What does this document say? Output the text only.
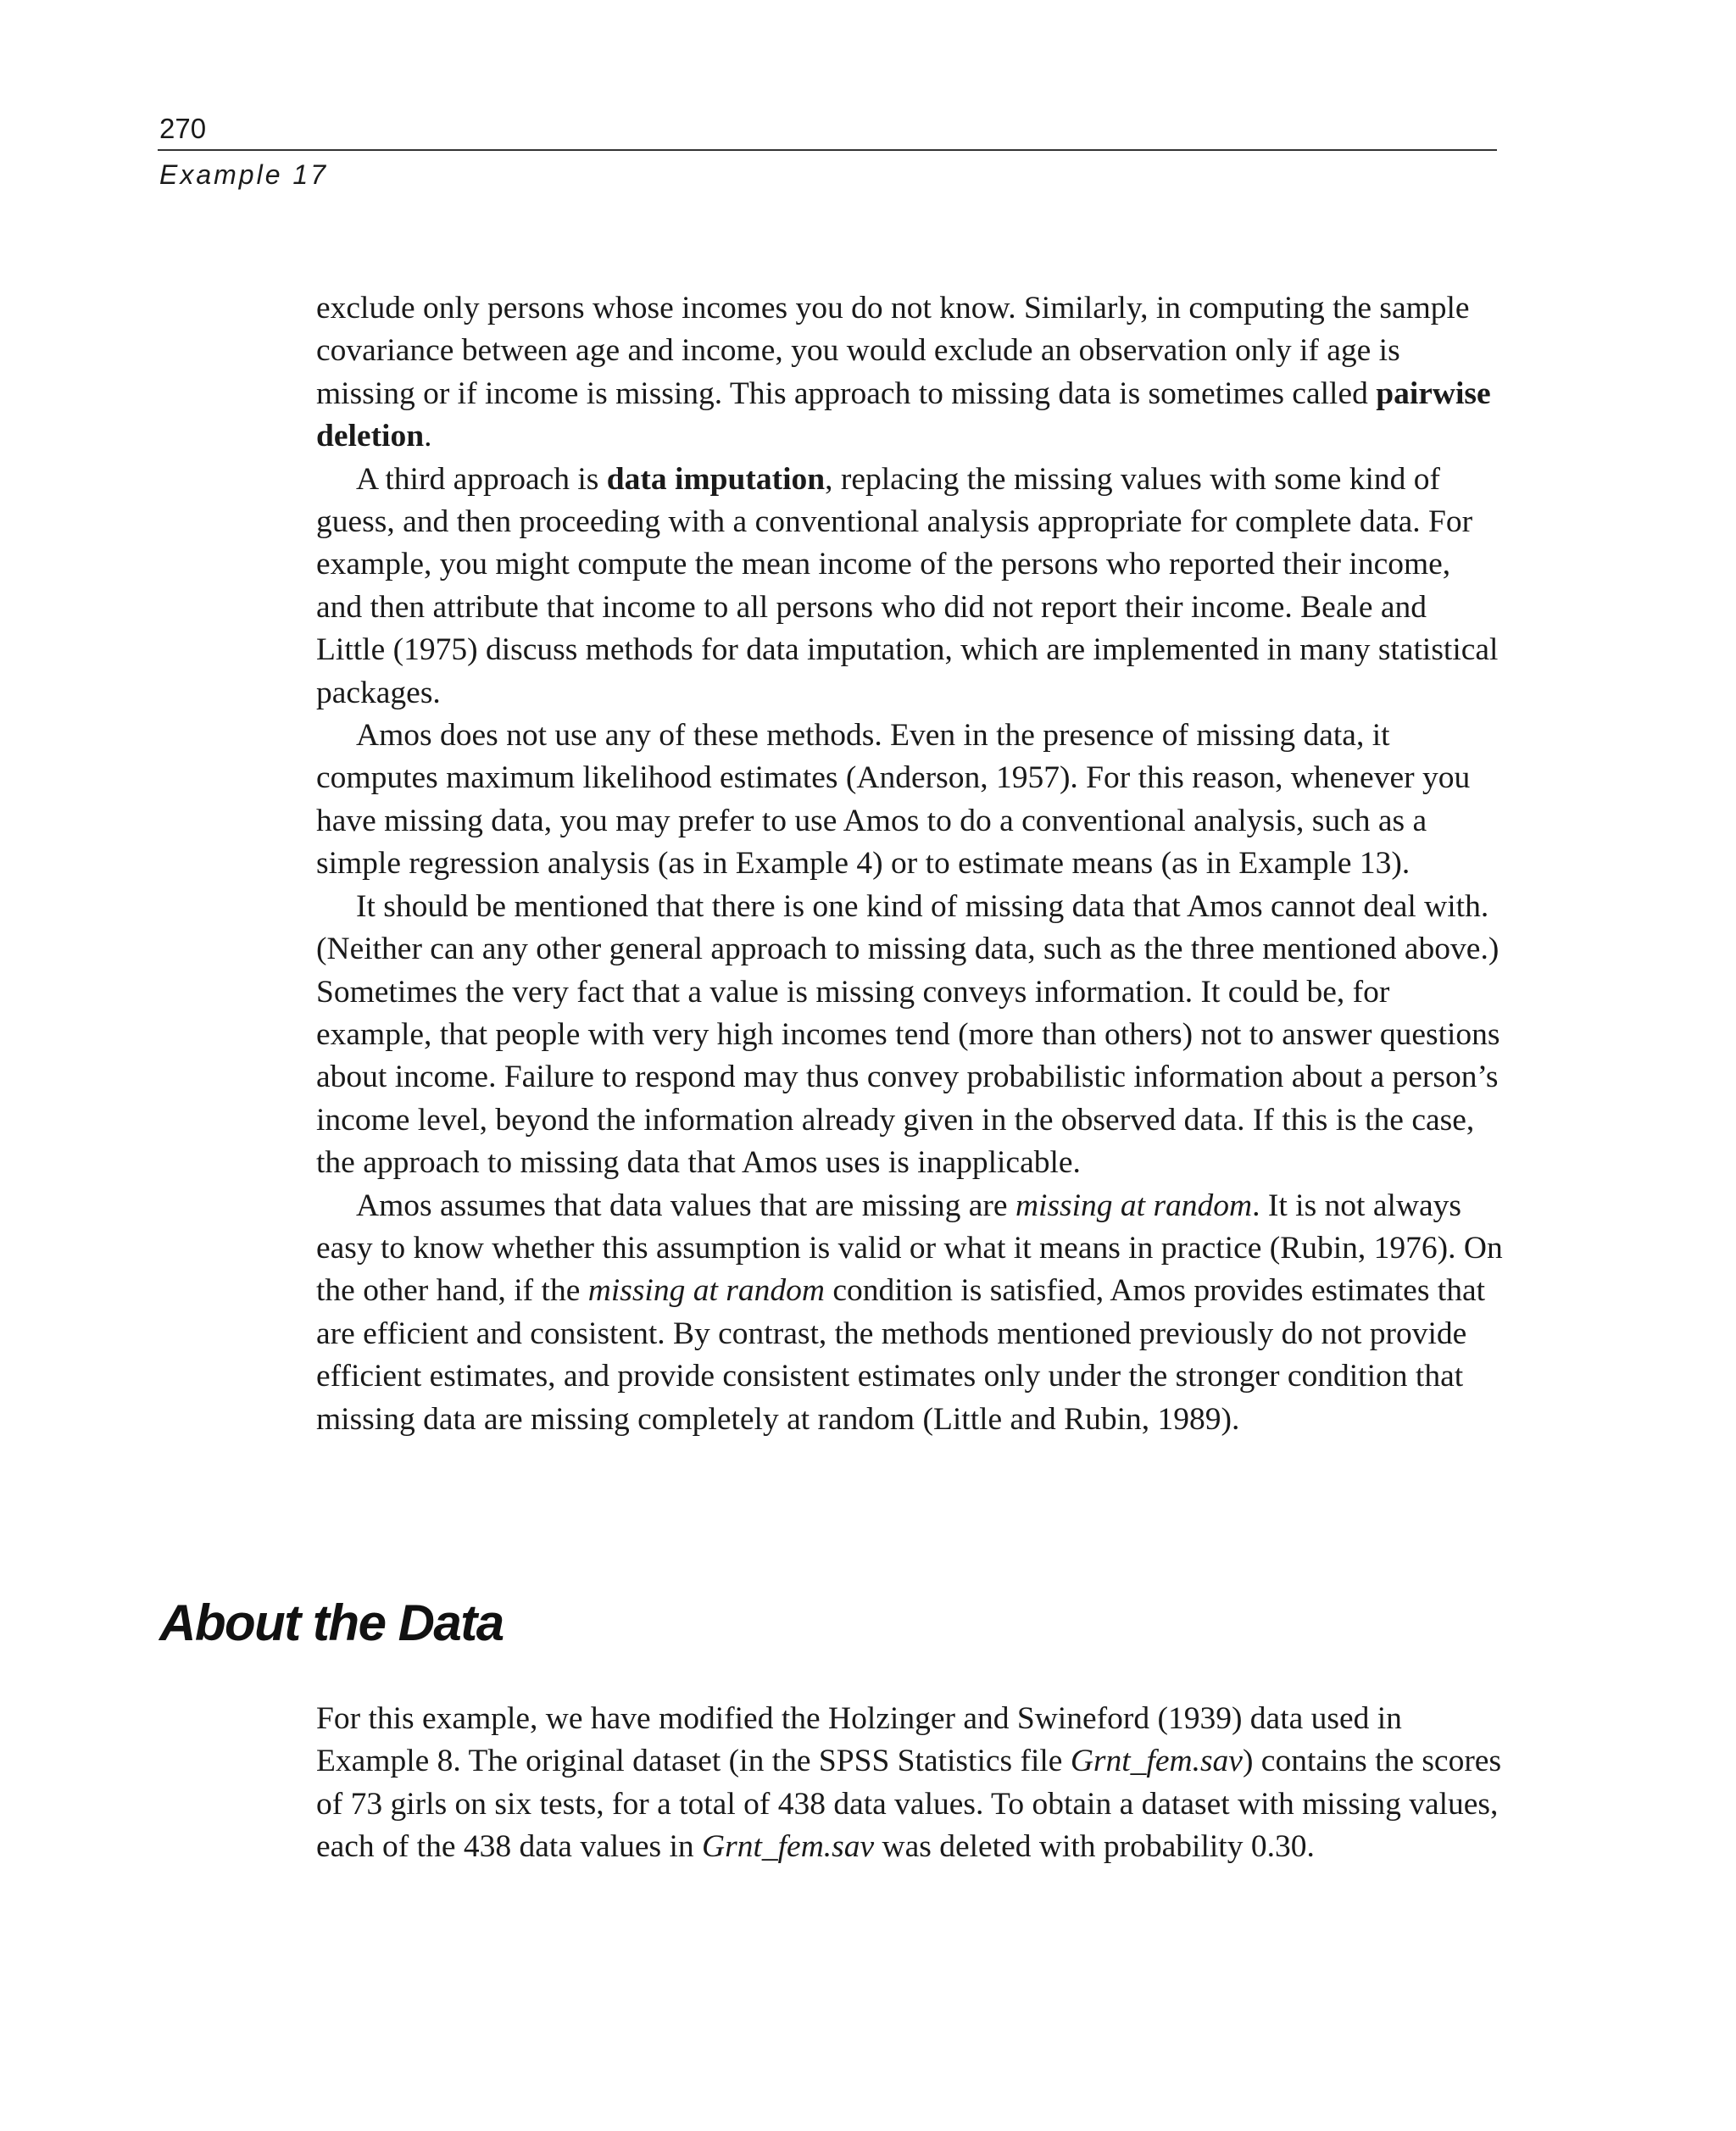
270
Example 17

exclude only persons whose incomes you do not know. Similarly, in computing the sample covariance between age and income, you would exclude an observation only if age is missing or if income is missing. This approach to missing data is sometimes called pairwise deletion.

A third approach is data imputation, replacing the missing values with some kind of guess, and then proceeding with a conventional analysis appropriate for complete data. For example, you might compute the mean income of the persons who reported their income, and then attribute that income to all persons who did not report their income. Beale and Little (1975) discuss methods for data imputation, which are implemented in many statistical packages.

Amos does not use any of these methods. Even in the presence of missing data, it computes maximum likelihood estimates (Anderson, 1957). For this reason, whenever you have missing data, you may prefer to use Amos to do a conventional analysis, such as a simple regression analysis (as in Example 4) or to estimate means (as in Example 13).

It should be mentioned that there is one kind of missing data that Amos cannot deal with. (Neither can any other general approach to missing data, such as the three mentioned above.) Sometimes the very fact that a value is missing conveys information. It could be, for example, that people with very high incomes tend (more than others) not to answer questions about income. Failure to respond may thus convey probabilistic information about a person’s income level, beyond the information already given in the observed data. If this is the case, the approach to missing data that Amos uses is inapplicable.

Amos assumes that data values that are missing are missing at random. It is not always easy to know whether this assumption is valid or what it means in practice (Rubin, 1976). On the other hand, if the missing at random condition is satisfied, Amos provides estimates that are efficient and consistent. By contrast, the methods mentioned previously do not provide efficient estimates, and provide consistent estimates only under the stronger condition that missing data are missing completely at random (Little and Rubin, 1989).

About the Data

For this example, we have modified the Holzinger and Swineford (1939) data used in Example 8. The original dataset (in the SPSS Statistics file Grnt_fem.sav) contains the scores of 73 girls on six tests, for a total of 438 data values. To obtain a dataset with missing values, each of the 438 data values in Grnt_fem.sav was deleted with probability 0.30.
